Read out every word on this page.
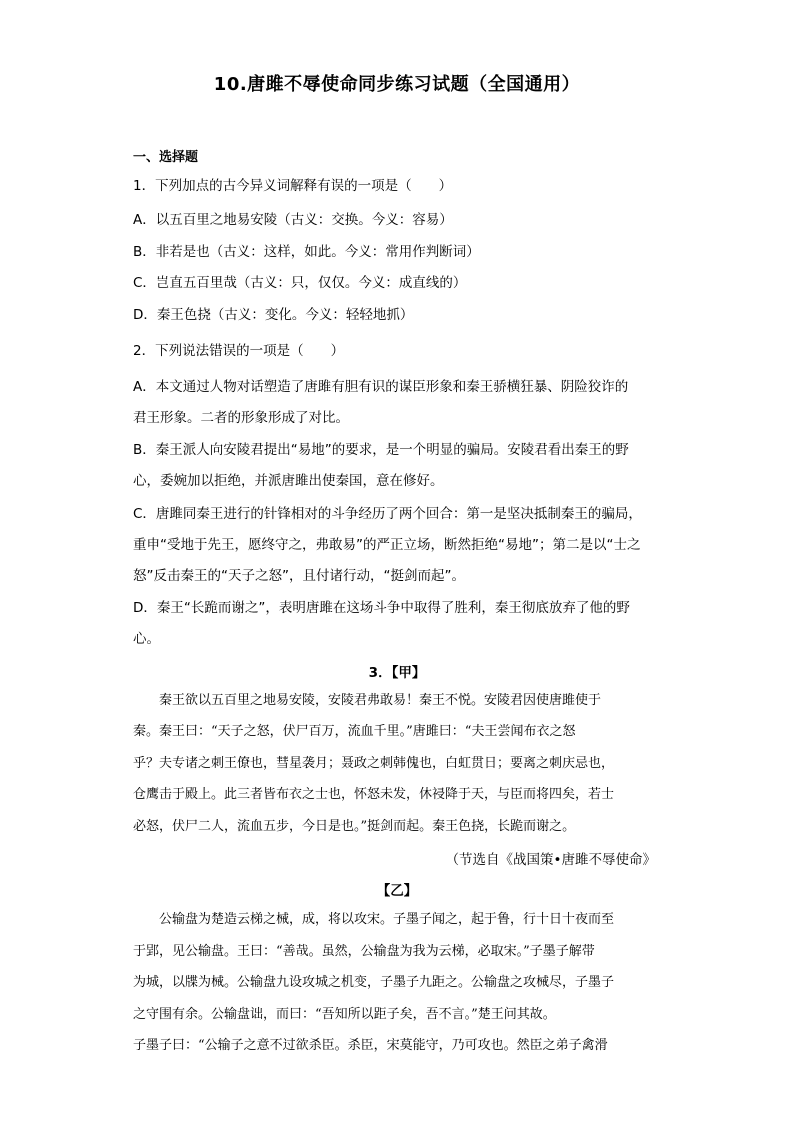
10.唐雎不辱使命同步练习试题（全国通用）
一、选择题
1．下列加点的古今异义词解释有误的一项是（　　）
A．以五百里之地易安陵（古义：交换。今义：容易）
B．非若是也（古义：这样，如此。今义：常用作判断词）
C．岂直五百里哉（古义：只，仅仅。今义：成直线的）
D．秦王色挠（古义：变化。今义：轻轻地抓）
2．下列说法错误的一项是（　　）
A．本文通过人物对话塑造了唐雎有胆有识的谋臣形象和秦王骄横狂暴、阴险狡诈的
君王形象。二者的形象形成了对比。
B．秦王派人向安陵君提出“易地”的要求，是一个明显的骗局。安陵君看出秦王的野
心，委婉加以拒绝，并派唐雎出使秦国，意在修好。
C．唐雎同秦王进行的针锋相对的斗争经历了两个回合：第一是坚决抵制秦王的骗局，
重申“受地于先王，愿终守之，弗敢易”的严正立场，断然拒绝“易地”；第二是以“士之
怒”反击秦王的“天子之怒”，且付诸行动，“挺剑而起”。
D．秦王“长跪而谢之”，表明唐雎在这场斗争中取得了胜利，秦王彻底放弃了他的野
心。
3．【甲】
　　秦王欲以五百里之地易安陵，安陵君弗敢易！秦王不悦。安陵君因使唐雎使于
秦。秦王曰：“天子之怒，伏尸百万，流血千里。”唐雎曰：“夫王尝闻布衣之怒
乎？夫专诸之刺王僚也，彗星袭月；聂政之刺韩傀也，白虹贯日；要离之刺庆忌也，
仓鹰击于殿上。此三者皆布衣之士也，怀怒未发，休祲降于天，与臣而将四矣，若士
必怒，伏尸二人，流血五步，今日是也。”挺剑而起。秦王色挠，长跪而谢之。
（节选自《战国策•唐雎不辱使命》
【乙】
　　公输盘为楚造云梯之械，成，将以攻宋。子墨子闻之，起于鲁，行十日十夜而至
于郢，见公输盘。王曰：“善哉。虽然，公输盘为我为云梯，必取宋。”子墨子解带
为城，以牒为械。公输盘九设攻城之机变，子墨子九距之。公输盘之攻械尽，子墨子
之守围有余。公输盘诎，而曰：“吾知所以距子矣，吾不言。”楚王问其故。
子墨子曰：“公输子之意不过欲杀臣。杀臣，宋莫能守，乃可攻也。然臣之弟子禽滑
